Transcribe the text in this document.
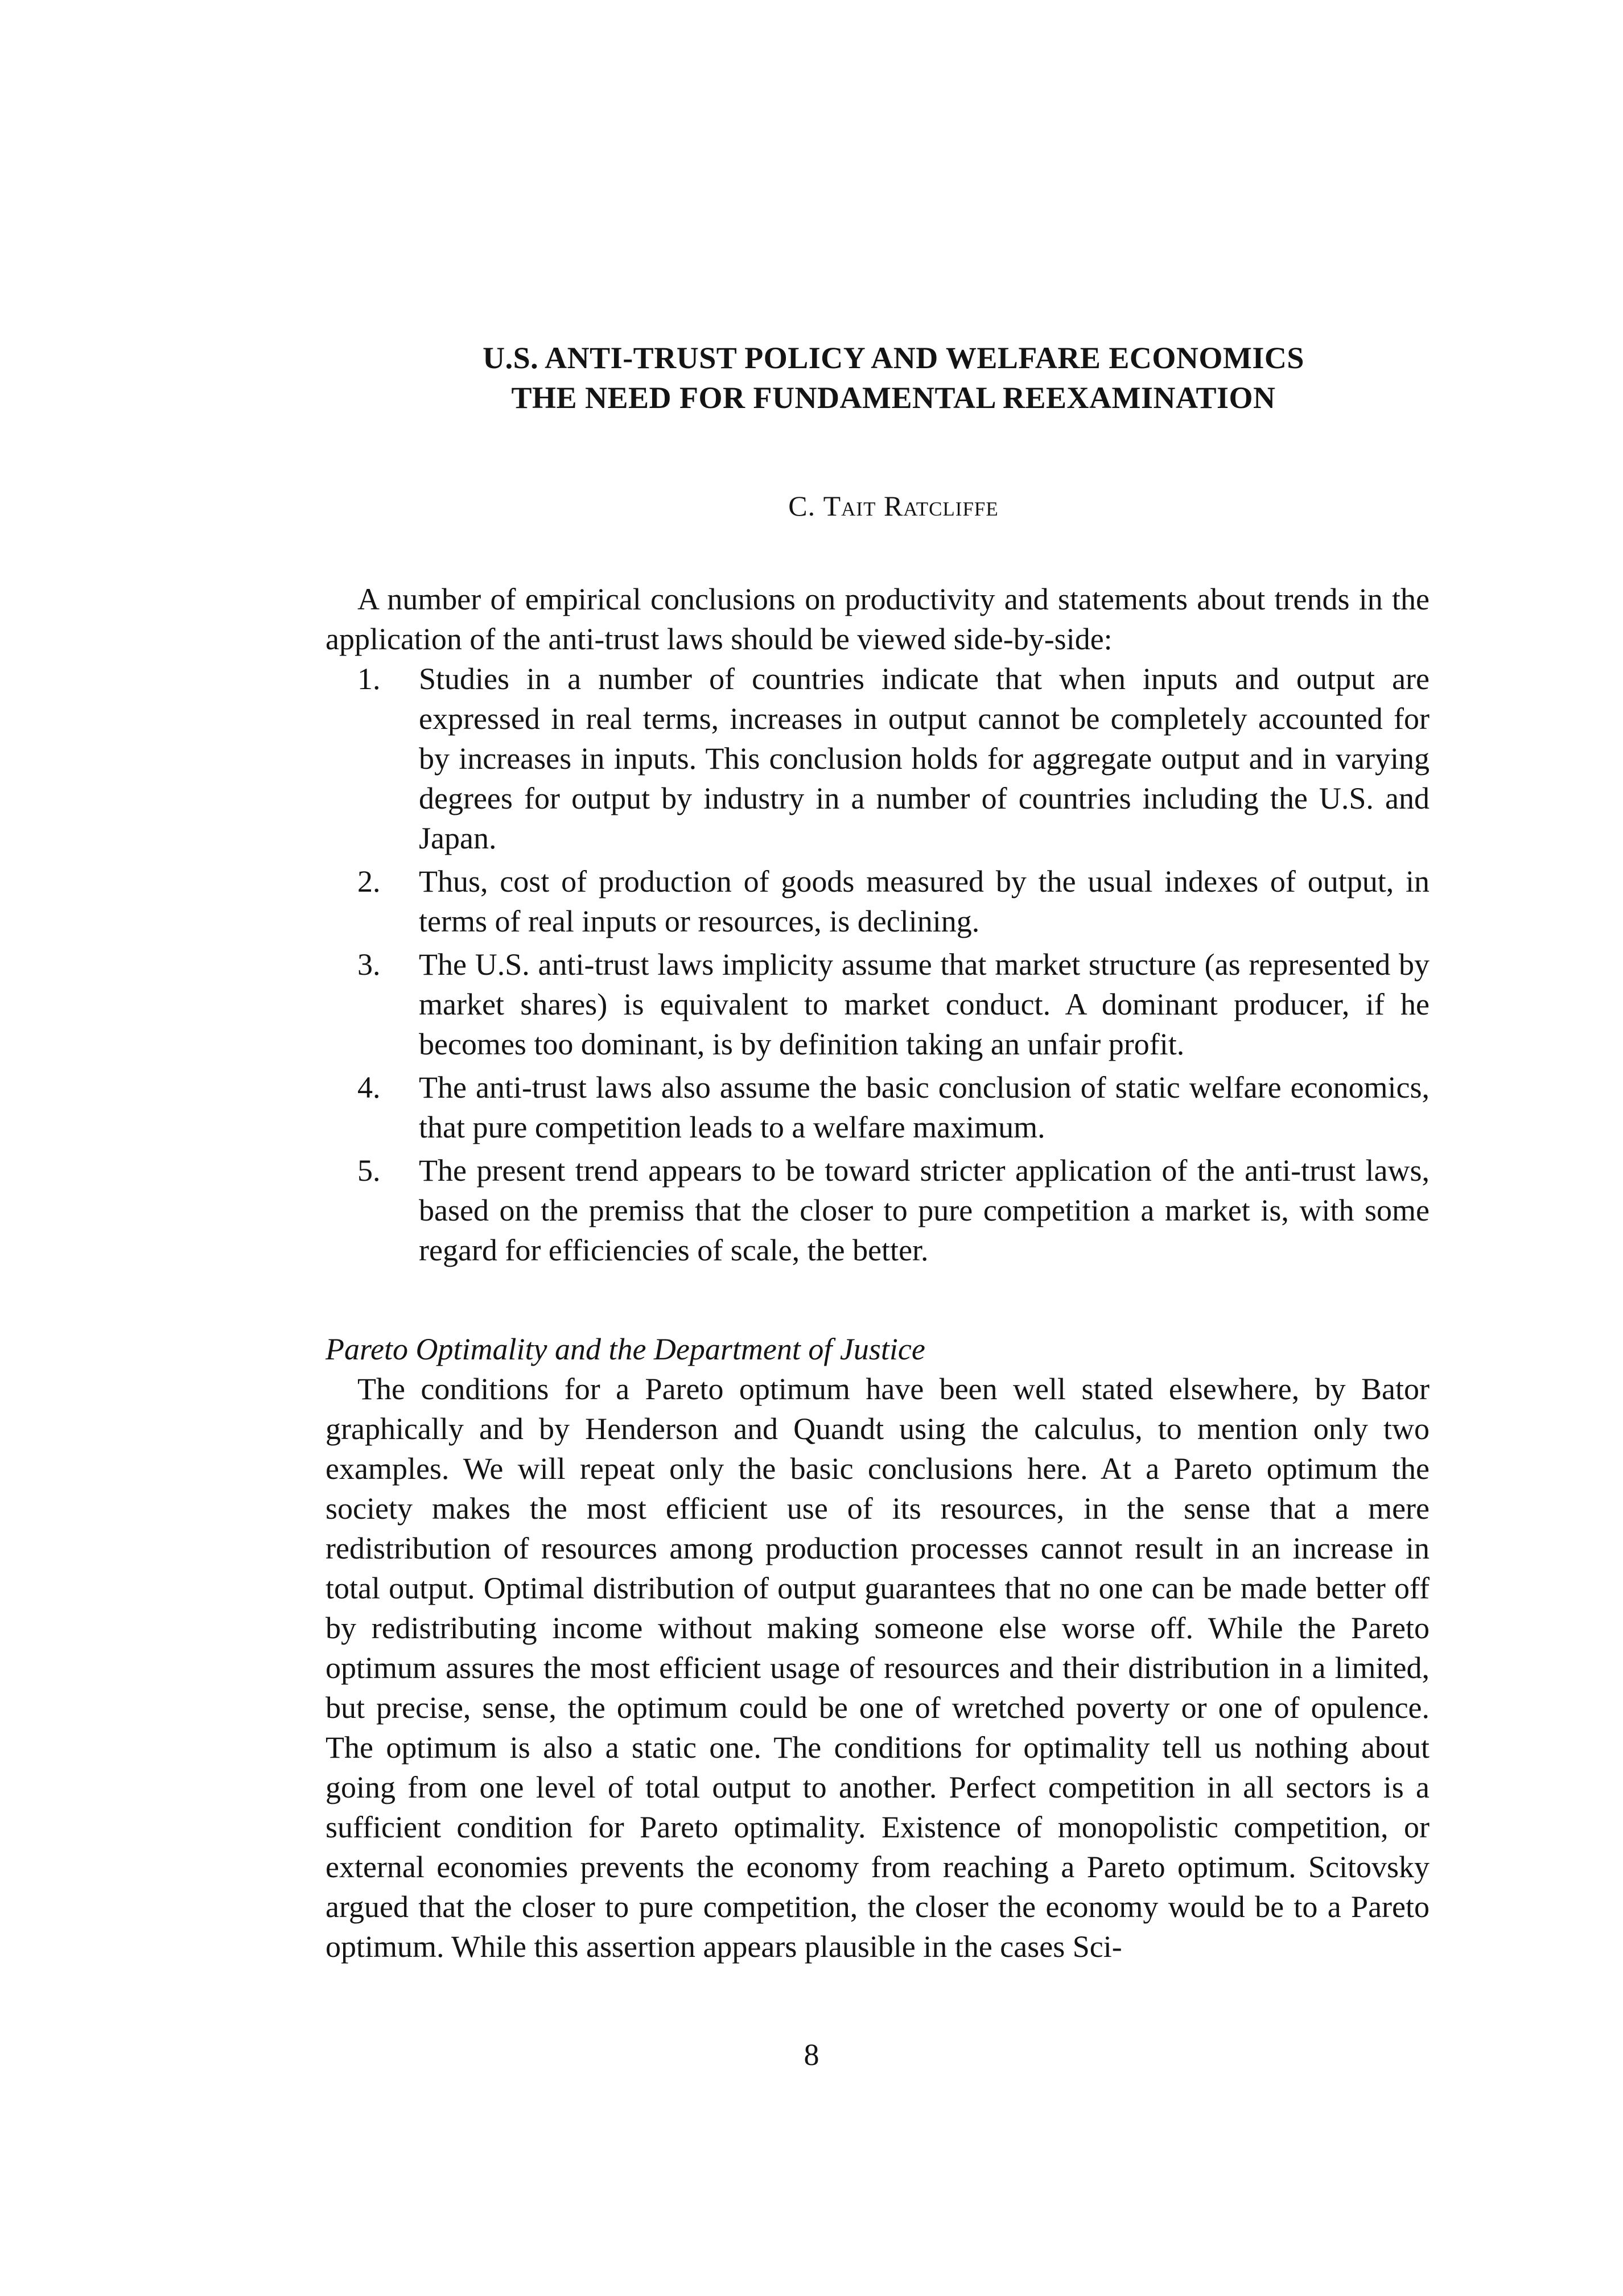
U.S. ANTI-TRUST POLICY AND WELFARE ECONOMICS
THE NEED FOR FUNDAMENTAL REEXAMINATION
C. Tait Ratcliffe

A number of empirical conclusions on productivity and statements about trends in the application of the anti-trust laws should be viewed side-by-side:

1. Studies in a number of countries indicate that when inputs and output are expressed in real terms, increases in output cannot be completely accounted for by increases in inputs. This conclusion holds for aggregate output and in varying degrees for output by industry in a number of countries including the U.S. and Japan.
2. Thus, cost of production of goods measured by the usual indexes of output, in terms of real inputs or resources, is declining.
3. The U.S. anti-trust laws implicity assume that market structure (as represented by market shares) is equivalent to market conduct. A dominant producer, if he becomes too dominant, is by definition taking an unfair profit.
4. The anti-trust laws also assume the basic conclusion of static welfare economics, that pure competition leads to a welfare maximum.
5. The present trend appears to be toward stricter application of the anti-trust laws, based on the premiss that the closer to pure competition a market is, with some regard for efficiencies of scale, the better.
Pareto Optimality and the Department of Justice

The conditions for a Pareto optimum have been well stated elsewhere, by Bator graphically and by Henderson and Quandt using the calculus, to mention only two examples. We will repeat only the basic conclusions here. At a Pareto optimum the society makes the most efficient use of its resources, in the sense that a mere redistribution of resources among production processes cannot result in an increase in total output. Optimal distribution of output guarantees that no one can be made better off by redistributing income without making someone else worse off. While the Pareto optimum assures the most efficient usage of resources and their distribution in a limited, but precise, sense, the optimum could be one of wretched poverty or one of opulence. The optimum is also a static one. The conditions for optimality tell us nothing about going from one level of total output to another. Perfect competition in all sectors is a sufficient condition for Pareto optimality. Existence of monopolistic competition, or external economies prevents the economy from reaching a Pareto optimum. Scitovsky argued that the closer to pure competition, the closer the economy would be to a Pareto optimum. While this assertion appears plausible in the cases Sci-

8
